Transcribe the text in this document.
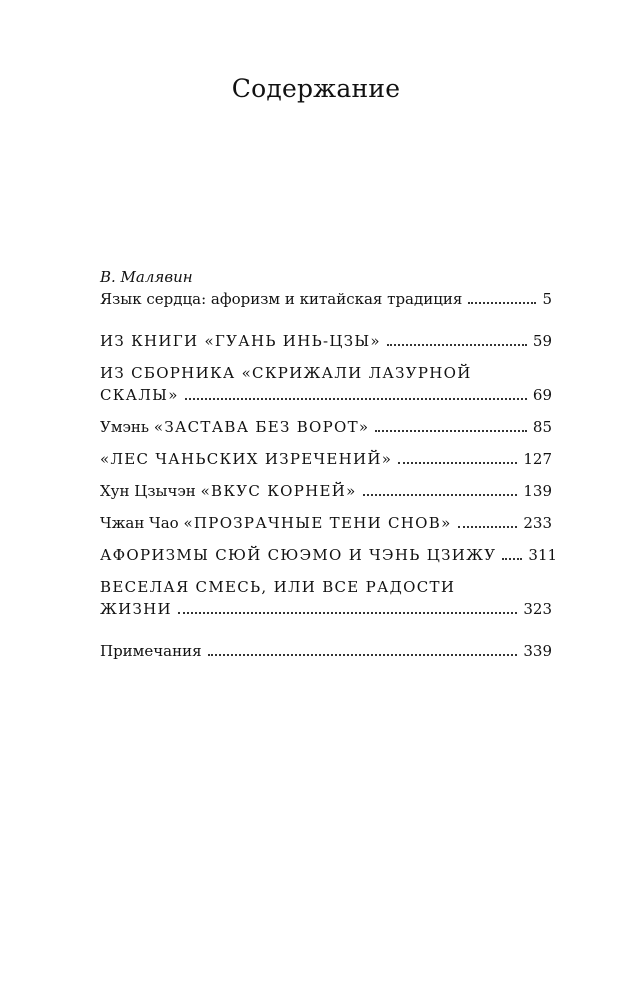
Содержание
В. Малявин
Язык сердца: афоризм и китайская традиция	5
ИЗ КНИГИ «ГУАНЬ ИНЬ-ЦЗЫ»	59
ИЗ СБОРНИКА «СКРИЖАЛИ ЛАЗУРНОЙ
СКАЛЫ»	69
Умэнь «ЗАСТАВА БЕЗ ВОРОТ»	85
«ЛЕС ЧАНЬСКИХ ИЗРЕЧЕНИЙ»	127
Хун Цзычэн «ВКУС КОРНЕЙ»	139
Чжан Чао «ПРОЗРАЧНЫЕ ТЕНИ СНОВ»	233
АФОРИЗМЫ СЮЙ СЮЭМО И ЧЭНЬ ЦЗИЖУ 311
ВЕСЕЛАЯ СМЕСЬ, ИЛИ ВСЕ РАДОСТИ
ЖИЗНИ	323
Примечания	339
